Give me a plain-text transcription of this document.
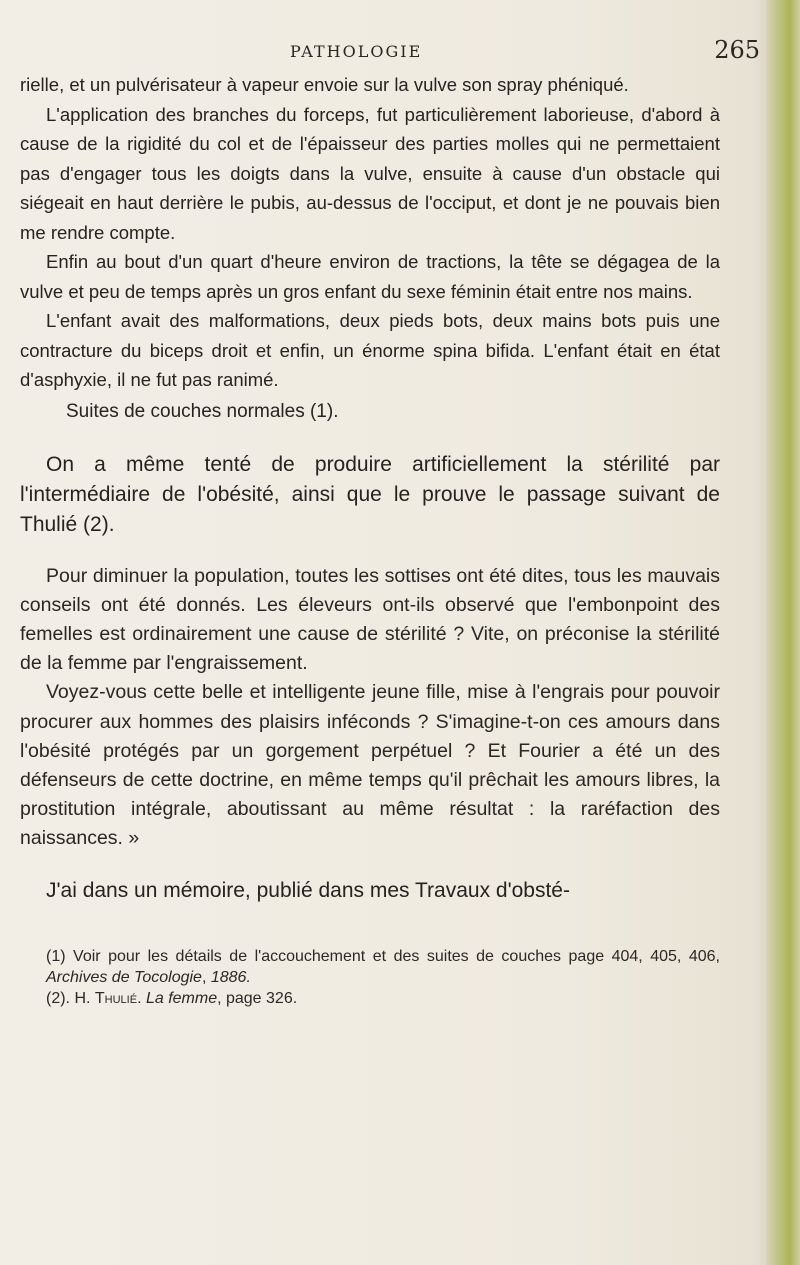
PATHOLOGIE	265

rielle, et un pulvérisateur à vapeur envoie sur la vulve son spray phéniqué.

L'application des branches du forceps, fut particulièrement laborieuse, d'abord à cause de la rigidité du col et de l'épaisseur des parties molles qui ne permettaient pas d'engager tous les doigts dans la vulve, ensuite à cause d'un obstacle qui siégeait en haut derrière le pubis, au-dessus de l'occiput, et dont je ne pouvais bien me rendre compte.

Enfin au bout d'un quart d'heure environ de tractions, la tête se dégagea de la vulve et peu de temps après un gros enfant du sexe féminin était entre nos mains.

L'enfant avait des malformations, deux pieds bots, deux mains bots puis une contracture du biceps droit et enfin, un énorme spina bifida. L'enfant était en état d'asphyxie, il ne fut pas ranimé.

Suites de couches normales (1).

On a même tenté de produire artificiellement la stérilité par l'intermédiaire de l'obésité, ainsi que le prouve le passage suivant de Thulié (2).

Pour diminuer la population, toutes les sottises ont été dites, tous les mauvais conseils ont été donnés. Les éleveurs ont-ils observé que l'embonpoint des femelles est ordinairement une cause de stérilité ? Vite, on préconise la stérilité de la femme par l'engraissement.

Voyez-vous cette belle et intelligente jeune fille, mise à l'engrais pour pouvoir procurer aux hommes des plaisirs inféconds ? S'imagine-t-on ces amours dans l'obésité protégés par un gorgement perpétuel ? Et Fourier a été un des défenseurs de cette doctrine, en même temps qu'il prêchait les amours libres, la prostitution intégrale, aboutissant au même résultat : la raréfaction des naissances. »

J'ai dans un mémoire, publié dans mes Travaux d'obsté-

(1) Voir pour les détails de l'accouchement et des suites de couches page 404, 405, 406, Archives de Tocologie, 1886.

(2). H. Thulié. La femme, page 326.
